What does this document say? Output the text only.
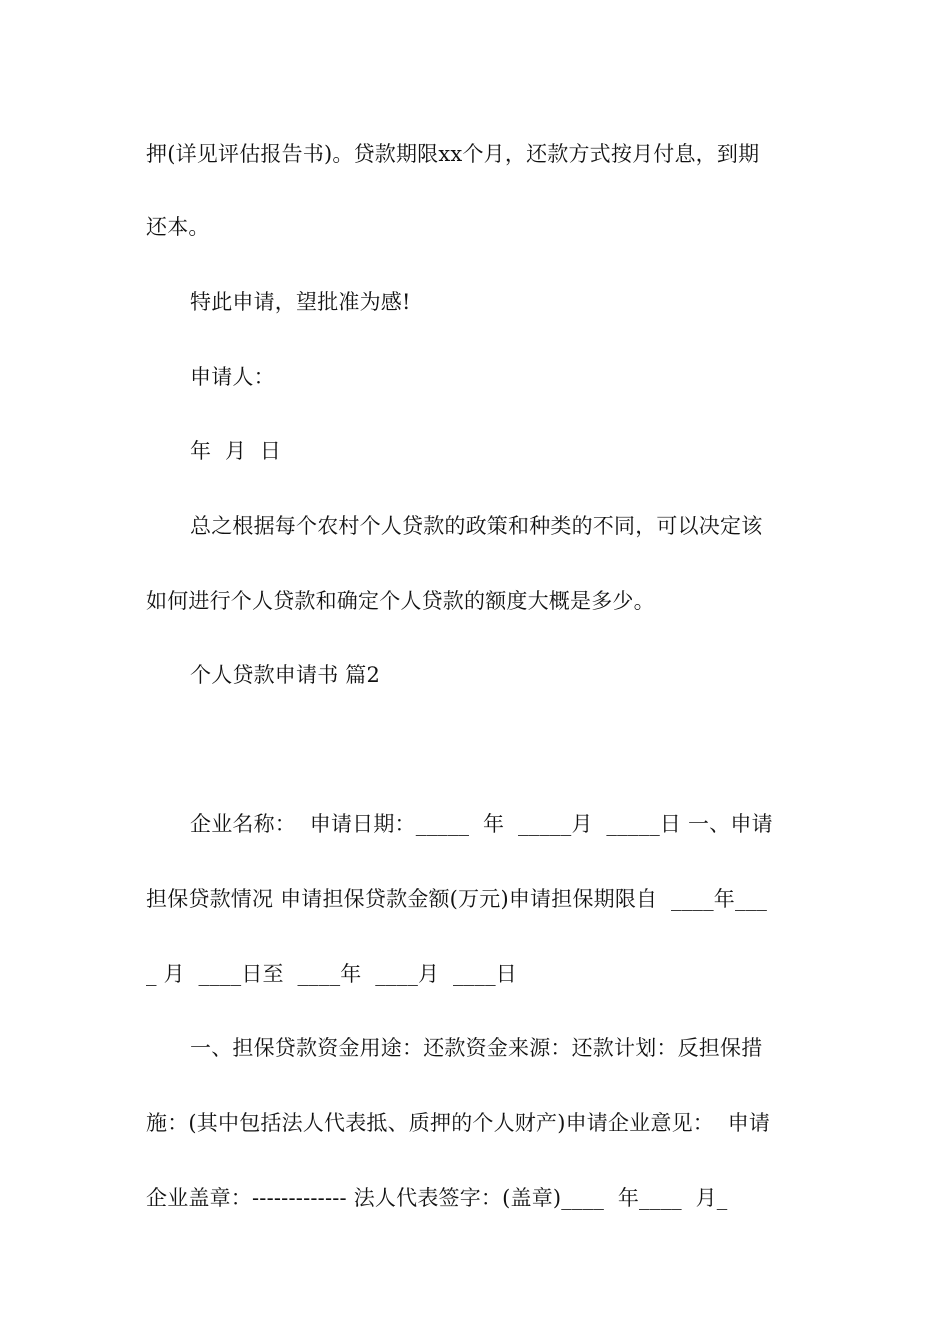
押(详见评估报告书)。贷款期限xx个月，还款方式按月付息，到期
还本。
特此申请，望批准为感!
申请人：
年  月  日
总之根据每个农村个人贷款的政策和种类的不同，可以决定该
如何进行个人贷款和确定个人贷款的额度大概是多少。
个人贷款申请书 篇2
企业名称：  申请日期：_____  年  _____月  _____日 一、申请
担保贷款情况 申请担保贷款金额(万元)申请担保期限自  ____年___
_ 月  ____日至  ____年  ____月  ____日
一、担保贷款资金用途：还款资金来源：还款计划：反担保措
施：(其中包括法人代表抵、质押的个人财产)申请企业意见：  申请
企业盖章：------------- 法人代表签字：(盖章)____  年____  月_
